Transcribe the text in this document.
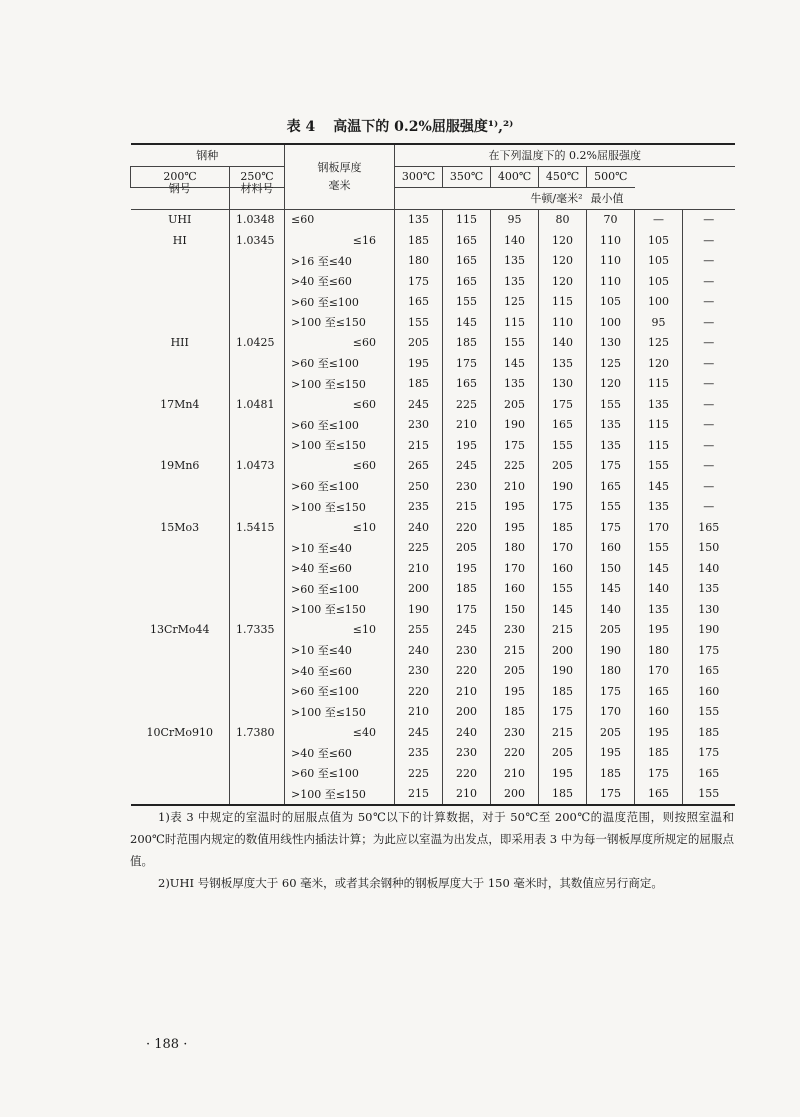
表 4 高温下的 0.2%屈服强度¹⁾,²⁾
钢种		钢板厚度
毫米	在下列温度下的 0.2%屈服强度						
200℃	250℃		300℃	350℃	400℃	450℃	500℃		
钢号	材料号		牛顿/毫米²				最小值		
UHI	1.0348	≤60	135	115	95	80	70	—	—
HI	1.0345	≤16	185	165	140	120	110	105	—
		>16 至≤40	180	165	135	120	110	105	—
		>40 至≤60	175	165	135	120	110	105	—
		>60 至≤100	165	155	125	115	105	100	—
		>100 至≤150	155	145	115	110	100	95	—
HII	1.0425	≤60	205	185	155	140	130	125	—
		>60 至≤100	195	175	145	135	125	120	—
		>100 至≤150	185	165	135	130	120	115	—
17Mn4	1.0481	≤60	245	225	205	175	155	135	—
		>60 至≤100	230	210	190	165	135	115	—
		>100 至≤150	215	195	175	155	135	115	—
19Mn6	1.0473	≤60	265	245	225	205	175	155	—
		>60 至≤100	250	230	210	190	165	145	—
		>100 至≤150	235	215	195	175	155	135	—
15Mo3	1.5415	≤10	240	220	195	185	175	170	165
		>10 至≤40	225	205	180	170	160	155	150
		>40 至≤60	210	195	170	160	150	145	140
		>60 至≤100	200	185	160	155	145	140	135
		>100 至≤150	190	175	150	145	140	135	130
13CrMo44	1.7335	≤10	255	245	230	215	205	195	190
		>10 至≤40	240	230	215	200	190	180	175
		>40 至≤60	230	220	205	190	180	170	165
		>60 至≤100	220	210	195	185	175	165	160
		>100 至≤150	210	200	185	175	170	160	155
10CrMo910	1.7380	≤40	245	240	230	215	205	195	185
		>40 至≤60	235	230	220	205	195	185	175
		>60 至≤100	225	220	210	195	185	175	165
		>100 至≤150	215	210	200	185	175	165	155

1)表 3 中规定的室温时的屈服点值为 50℃以下的计算数据，对于 50℃至 200℃的温度范围，则按照室温和 200℃时范围内规定的数值用线性内插法计算；为此应以室温为出发点，即采用表 3 中为每一钢板厚度所规定的屈服点值。

2)UHI 号钢板厚度大于 60 毫米，或者其余钢种的钢板厚度大于 150 毫米时，其数值应另行商定。

· 188 ·
